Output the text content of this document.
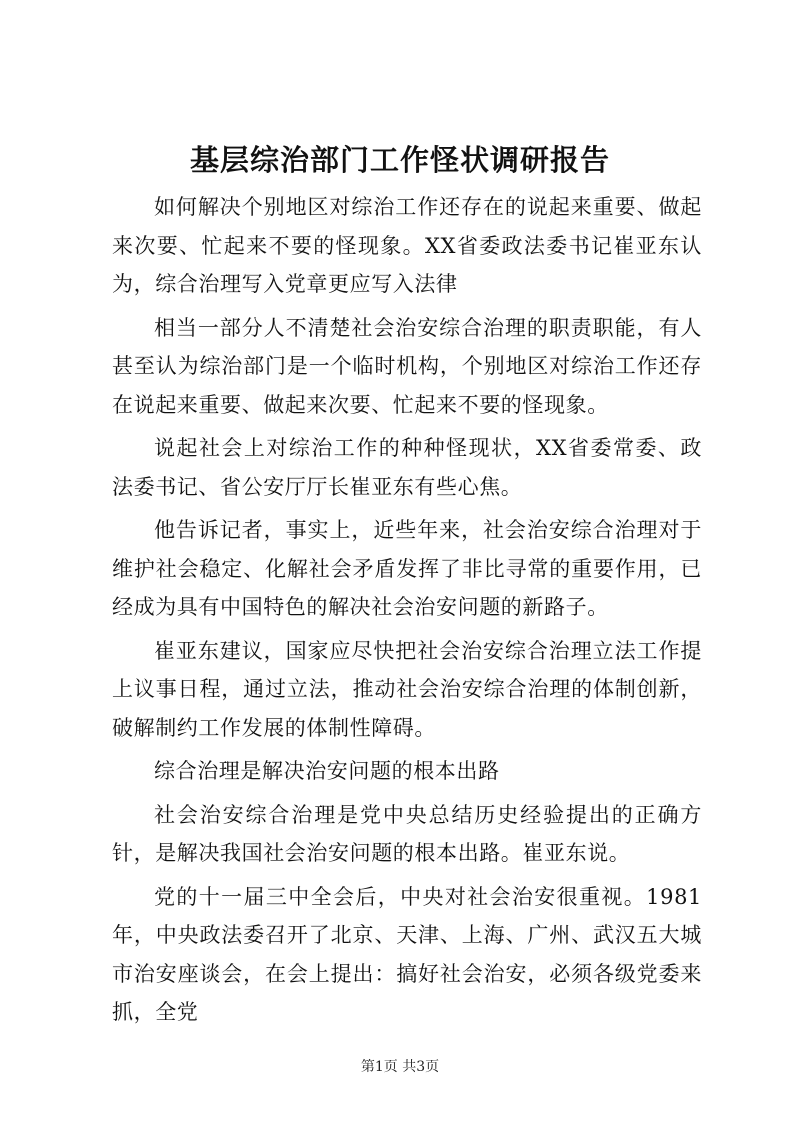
基层综治部门工作怪状调研报告

如何解决个别地区对综治工作还存在的说起来重要、做起来次要、忙起来不要的怪现象。XX省委政法委书记崔亚东认为，综合治理写入党章更应写入法律

相当一部分人不清楚社会治安综合治理的职责职能，有人甚至认为综治部门是一个临时机构，个别地区对综治工作还存在说起来重要、做起来次要、忙起来不要的怪现象。

说起社会上对综治工作的种种怪现状，XX省委常委、政法委书记、省公安厅厅长崔亚东有些心焦。

他告诉记者，事实上，近些年来，社会治安综合治理对于维护社会稳定、化解社会矛盾发挥了非比寻常的重要作用，已经成为具有中国特色的解决社会治安问题的新路子。

崔亚东建议，国家应尽快把社会治安综合治理立法工作提上议事日程，通过立法，推动社会治安综合治理的体制创新，破解制约工作发展的体制性障碍。

综合治理是解决治安问题的根本出路

社会治安综合治理是党中央总结历史经验提出的正确方针，是解决我国社会治安问题的根本出路。崔亚东说。

党的十一届三中全会后，中央对社会治安很重视。1981年，中央政法委召开了北京、天津、上海、广州、武汉五大城市治安座谈会，在会上提出：搞好社会治安，必须各级党委来抓，全党

第1页 共3页
